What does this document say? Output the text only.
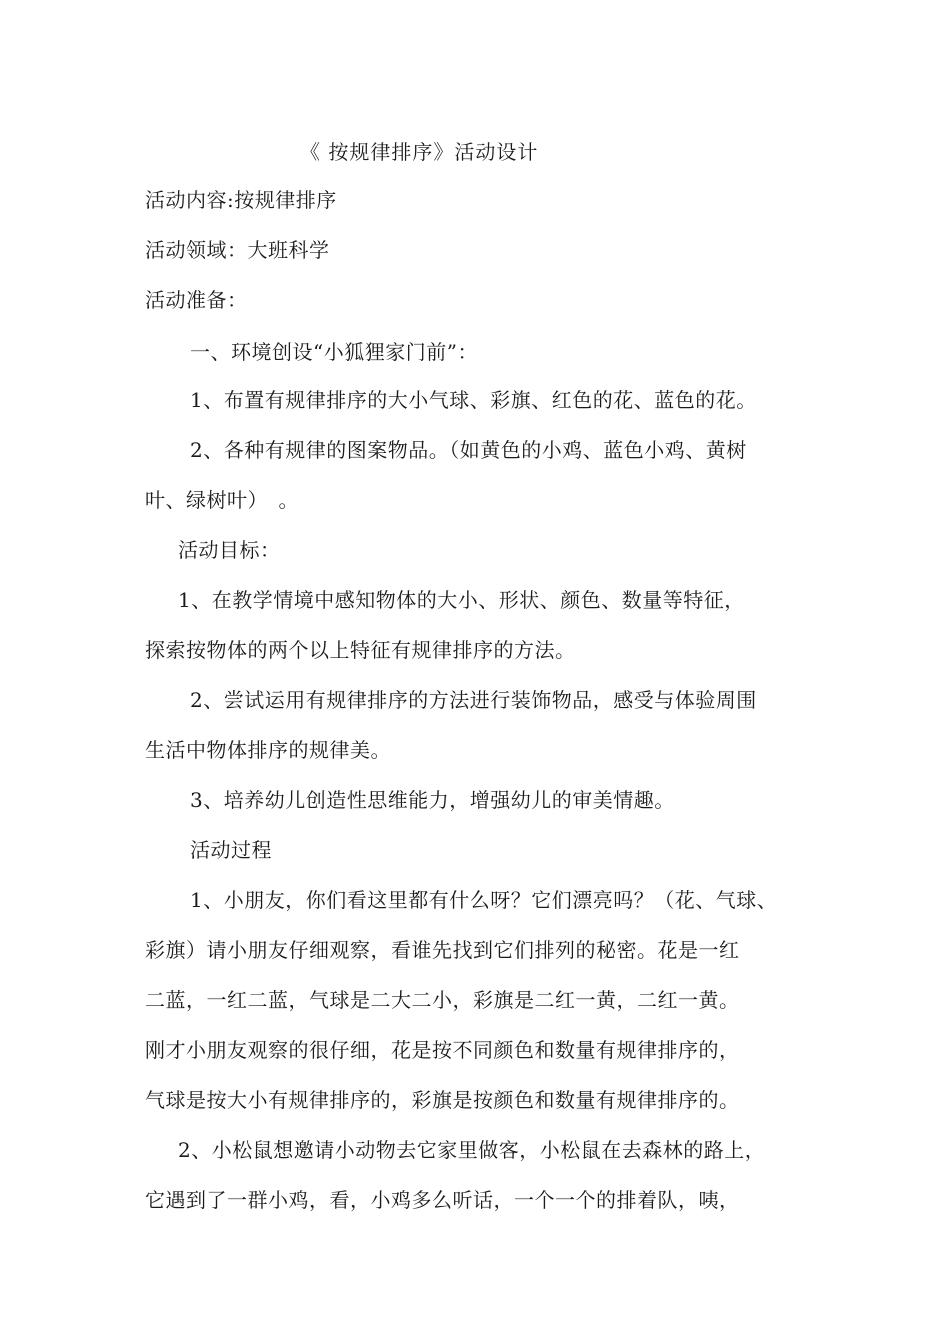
《 按规律排序》活动设计
活动内容:按规律排序
活动领域：大班科学
活动准备：
一、环境创设“小狐狸家门前”：
1、布置有规律排序的大小气球、彩旗、红色的花、蓝色的花。
2、各种有规律的图案物品。（如黄色的小鸡、蓝色小鸡、黄树
叶、绿树叶）　。
活动目标：
1、在教学情境中感知物体的大小、形状、颜色、数量等特征，
探索按物体的两个以上特征有规律排序的方法。
2、尝试运用有规律排序的方法进行装饰物品，感受与体验周围
生活中物体排序的规律美。
3、培养幼儿创造性思维能力，增强幼儿的审美情趣。
活动过程
1、小朋友，你们看这里都有什么呀？它们漂亮吗？（花、气球、
彩旗）请小朋友仔细观察，看谁先找到它们排列的秘密。花是一红
二蓝，一红二蓝，气球是二大二小，彩旗是二红一黄，二红一黄。
刚才小朋友观察的很仔细，花是按不同颜色和数量有规律排序的，
气球是按大小有规律排序的，彩旗是按颜色和数量有规律排序的。
2、小松鼠想邀请小动物去它家里做客，小松鼠在去森林的路上，
它遇到了一群小鸡，看，小鸡多么听话，一个一个的排着队，咦，
